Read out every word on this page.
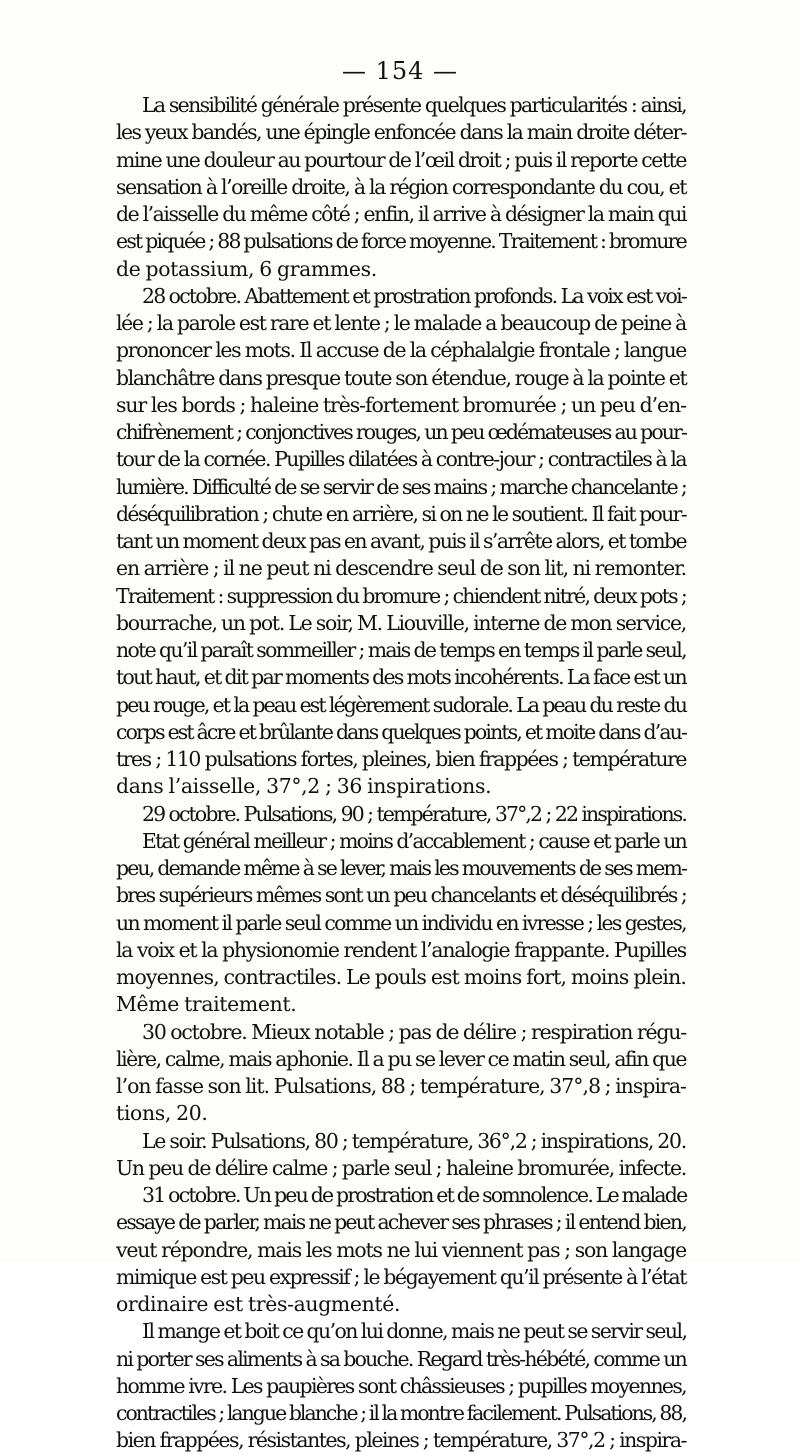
— 154 —
La sensibilité générale présente quelques particularités : ainsi,
les yeux bandés, une épingle enfoncée dans la main droite déter-
mine une douleur au pourtour de l’œil droit ; puis il reporte cette
sensation à l’oreille droite, à la région correspondante du cou, et
de l’aisselle du même côté ; enfin, il arrive à désigner la main qui
est piquée ; 88 pulsations de force moyenne. Traitement : bromure
de potassium, 6 grammes.
28 octobre. Abattement et prostration profonds. La voix est voi-
lée ; la parole est rare et lente ; le malade a beaucoup de peine à
prononcer les mots. Il accuse de la céphalalgie frontale ; langue
blanchâtre dans presque toute son étendue, rouge à la pointe et
sur les bords ; haleine très-fortement bromurée ; un peu d’en-
chifrènement ; conjonctives rouges, un peu œdémateuses au pour-
tour de la cornée. Pupilles dilatées à contre-jour ; contractiles à la
lumière. Difficulté de se servir de ses mains ; marche chancelante ;
déséquilibration ; chute en arrière, si on ne le soutient. Il fait pour-
tant un moment deux pas en avant, puis il s’arrête alors, et tombe
en arrière ; il ne peut ni descendre seul de son lit, ni remonter.
Traitement : suppression du bromure ; chiendent nitré, deux pots ;
bourrache, un pot. Le soir, M. Liouville, interne de mon service,
note qu’il paraît sommeiller ; mais de temps en temps il parle seul,
tout haut, et dit par moments des mots incohérents. La face est un
peu rouge, et la peau est légèrement sudorale. La peau du reste du
corps est âcre et brûlante dans quelques points, et moite dans d’au-
tres ; 110 pulsations fortes, pleines, bien frappées ; température
dans l’aisselle, 37°,2 ; 36 inspirations.
29 octobre. Pulsations, 90 ; température, 37°,2 ; 22 inspirations.
Etat général meilleur ; moins d’accablement ; cause et parle un
peu, demande même à se lever, mais les mouvements de ses mem-
bres supérieurs mêmes sont un peu chancelants et déséquilibrés ;
un moment il parle seul comme un individu en ivresse ; les gestes,
la voix et la physionomie rendent l’analogie frappante. Pupilles
moyennes, contractiles. Le pouls est moins fort, moins plein.
Même traitement.
30 octobre. Mieux notable ; pas de délire ; respiration régu-
lière, calme, mais aphonie. Il a pu se lever ce matin seul, afin que
l’on fasse son lit. Pulsations, 88 ; température, 37°,8 ; inspira-
tions, 20.
Le soir. Pulsations, 80 ; température, 36°,2 ; inspirations, 20.
Un peu de délire calme ; parle seul ; haleine bromurée, infecte.
31 octobre. Un peu de prostration et de somnolence. Le malade
essaye de parler, mais ne peut achever ses phrases ; il entend bien,
veut répondre, mais les mots ne lui viennent pas ; son langage
mimique est peu expressif ; le bégayement qu’il présente à l’état
ordinaire est très-augmenté.
Il mange et boit ce qu’on lui donne, mais ne peut se servir seul,
ni porter ses aliments à sa bouche. Regard très-hébété, comme un
homme ivre. Les paupières sont châssieuses ; pupilles moyennes,
contractiles ; langue blanche ; il la montre facilement. Pulsations, 88,
bien frappées, résistantes, pleines ; température, 37°,2 ; inspira-
